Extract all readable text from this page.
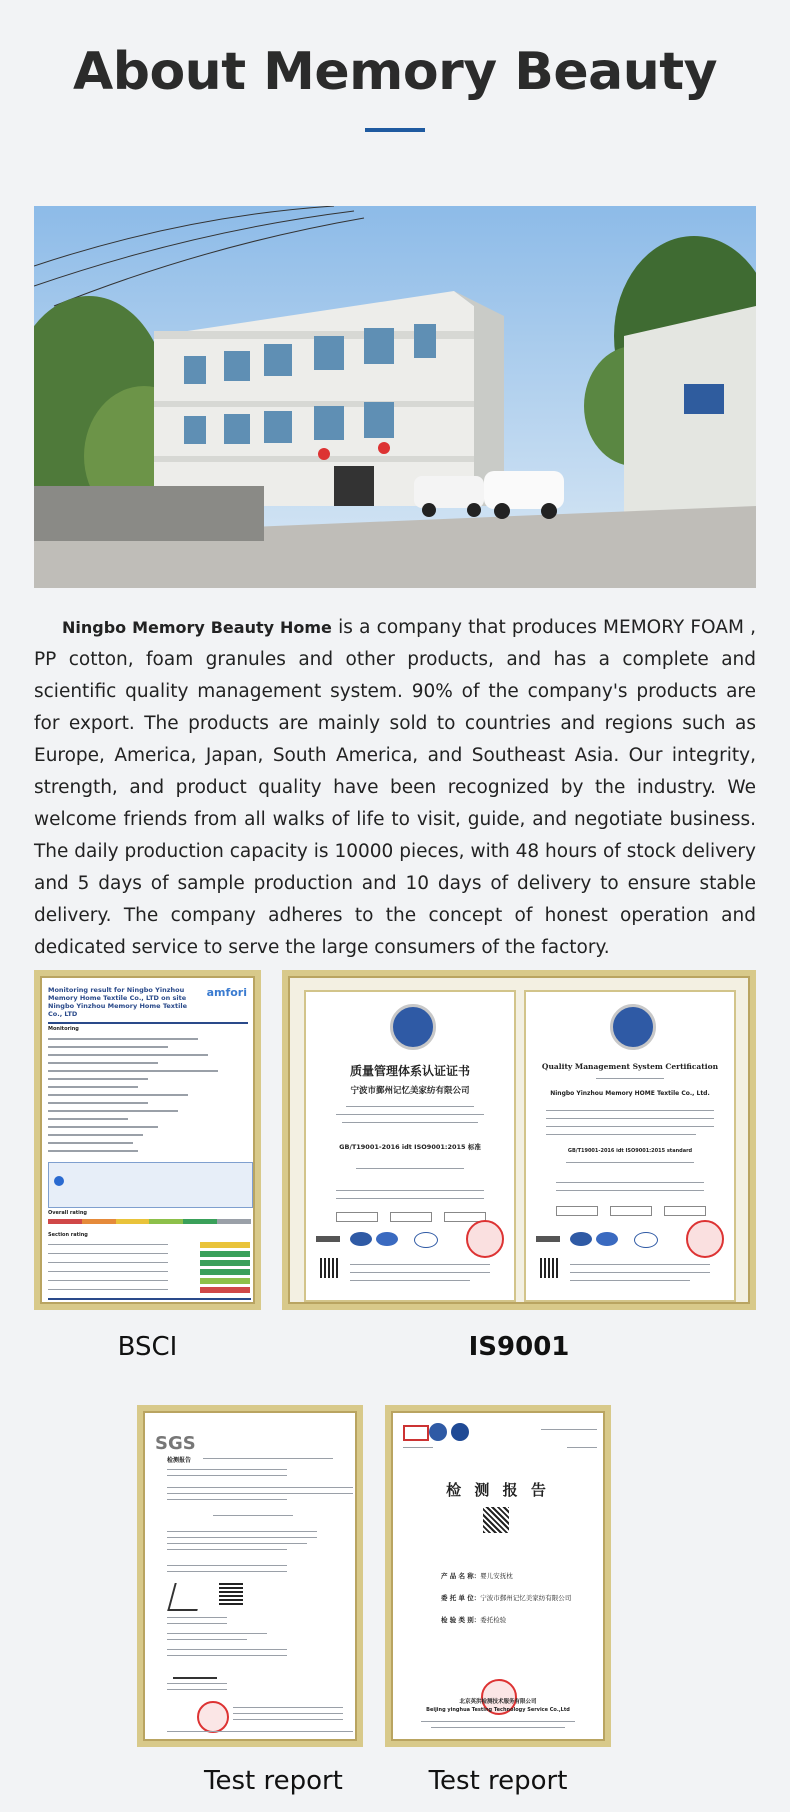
About Memory Beauty

Ningbo Memory Beauty Home is a company that produces MEMORY FOAM , PP cotton, foam granules and other products, and has a complete and scientific quality management system. 90% of the company's products are for export. The products are mainly sold to countries and regions such as Europe, America, Japan, South America, and Southeast Asia. Our integrity, strength, and product quality have been recognized by the industry. We welcome friends from all walks of life to visit, guide, and negotiate business. The daily production capacity is 10000 pieces, with 48 hours of stock delivery and 5 days of sample production and 10 days of delivery to ensure stable delivery. The company adheres to the concept of honest operation and dedicated service to serve the large consumers of the factory.

Monitoring result for Ningbo Yinzhou Memory Home Textile Co., LTD on site Ningbo Yinzhou Memory Home Textile Co., LTD
amfori
Monitoring
Overall rating
Section rating
BSCI
质量管理体系认证证书
宁波市鄞州记忆美家纺有限公司
GB/T19001-2016 idt ISO9001:2015 标准
Quality Management System Certification
Ningbo Yinzhou Memory HOME Textile Co., Ltd.
GB/T19001-2016 idt ISO9001:2015 standard
IS9001
SGS
检测报告
Test report
检 测 报 告
产 品 名 称：婴儿安抚枕
委 托 单 位：宁波市鄞州记忆美家纺有限公司
检 验 类 别：委托检验
北京英洪检测技术服务有限公司
Beijing yinghua Testing Technology Service Co.,Ltd
Test report
